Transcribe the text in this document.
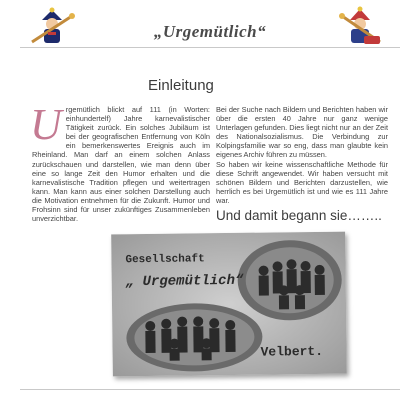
„Urgemütlich“
Einleitung

Urgemütlich blickt auf 111 (in Worten: einhundertelf) Jahre karnevalistischer Tätigkeit zurück. Ein solches Jubiläum ist bei der geografischen Entfernung von Köln ein bemerkenswertes Ereignis auch im Rheinland. Man darf an einem solchen Anlass zurückschauen und darstellen, wie man denn über eine so lange Zeit den Humor erhalten und die karnevalistische Tradition pflegen und weitertragen kann. Man kann aus einer solchen Darstellung auch die Motivation entnehmen für die Zukunft. Humor und Frohsinn sind für unser zukünftiges Zusammenleben unverzichtbar.

Bei der Suche nach Bildern und Berichten haben wir über die ersten 40 Jahre nur ganz wenige Unterlagen gefunden. Dies liegt nicht nur an der Zeit des Nationalsozialismus. Die Verbindung zur Kolpingsfamilie war so eng, dass man glaubte kein eigenes Archiv führen zu müssen.

So haben wir keine wissenschaftliche Methode für diese Schrift angewendet. Wir haben versucht mit schönen Bildern und Berichten darzustellen, wie herrlich es bei Urgemütlich ist und wie es 111 Jahre war.

Und damit begann sie……..
Gesellschaft
„ Urgemütlich“
Velbert.
